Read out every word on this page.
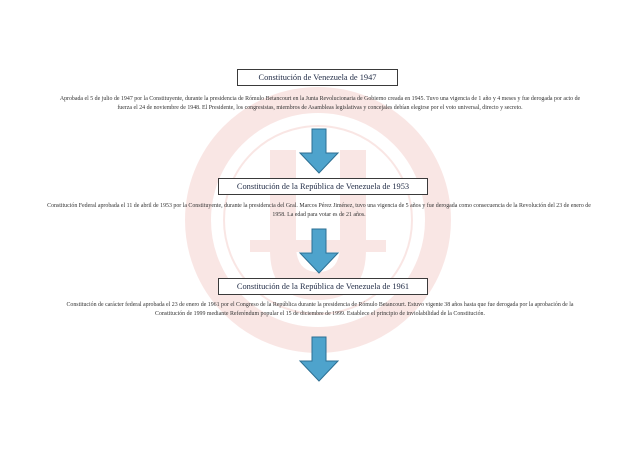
Constitución de Venezuela de 1947
Aprobada el 5 de julio de 1947 por la Constituyente, durante la presidencia de Rómulo Betancourt en la Junta Revolucionaria de Gobierno creada en 1945. Tuvo una vigencia de 1 año y 4 meses y fue derogada por acto de fuerza el 24 de noviembre de 1948. El Presidente, los congresistas, miembros de Asambleas legislativas y concejales debían elegirse por el voto universal, directo y secreto.
Constitución de la República de Venezuela de 1953
Constitución Federal aprobada el 11 de abril de 1953 por la Constituyente, durante la presidencia del Gral. Marcos Pérez Jiménez, tuvo una vigencia de 5 años y fue derogada como consecuencia de la Revolución del 23 de enero de 1958. La edad para votar es de 21 años.
Constitución de la República de Venezuela de 1961
Constitución de carácter federal aprobada el 23 de enero de 1961 por el Congreso de la República durante la presidencia de Rómulo Betancourt. Estuvo vigente 38 años hasta que fue derogada por la aprobación de la Constitución de 1999 mediante Referéndum popular el 15 de diciembre de 1999. Establece el principio de inviolabilidad de la Constitución.
